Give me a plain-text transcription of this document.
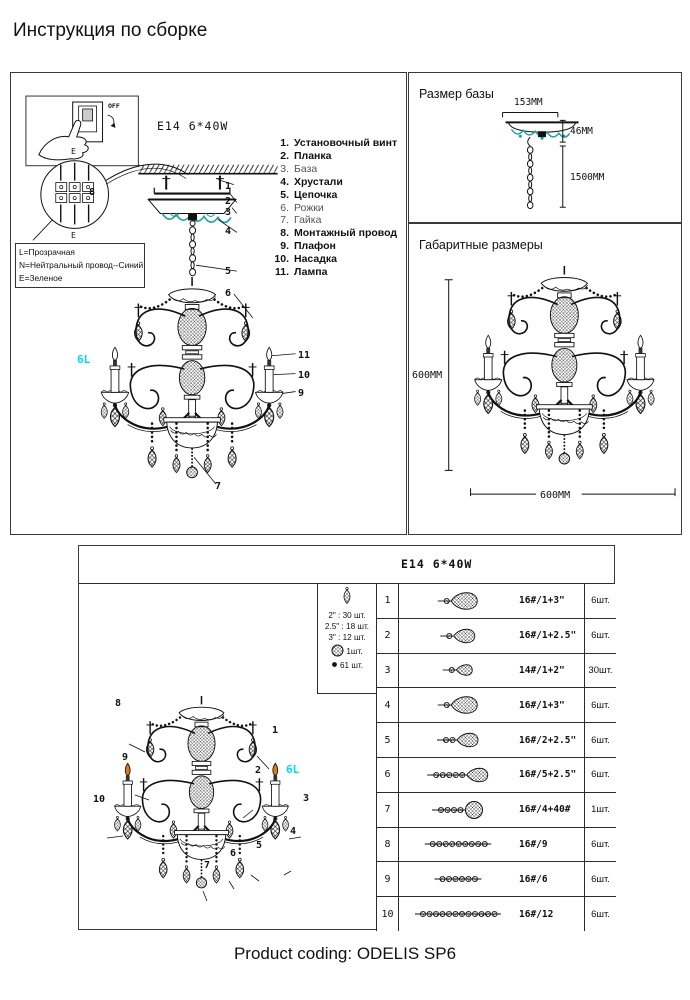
Инструкция по сборке
E14 6*40W
OFF
E
E
L=Прозрачная
N=Нейтральный провод--Синий
E=Зеленое
1. Установочный винт
2. Планка
3. База
4. Хрустали
5. Цепочка
6. Рожки
7. Гайка
8. Монтажный провод
9. Плафон
10. Насадка
11. Лампа
1
2
3
4
5
6
7
8
9
10
11
6L
Размер базы
153MM
46MM
1500MM
Габаритные размеры
600MM
600MM
E14 6*40W
2" : 30 шт.
2.5" : 18 шт.
3" : 12 шт.
1шт.
61 шт.
1	16#/1+3"	6шт.
2	16#/1+2.5"	6шт.
3	14#/1+2"	30шт.
4	16#/1+3"	6шт.
5	16#/2+2.5"	6шт.
6	16#/5+2.5"	6шт.
7	16#/4+40#	1шт.
8	16#/9	6шт.
9	16#/6	6шт.
10	16#/12	6шт.
1
2
3
4
5
6
7
8
9
10
6L
Product coding: ODELIS SP6
